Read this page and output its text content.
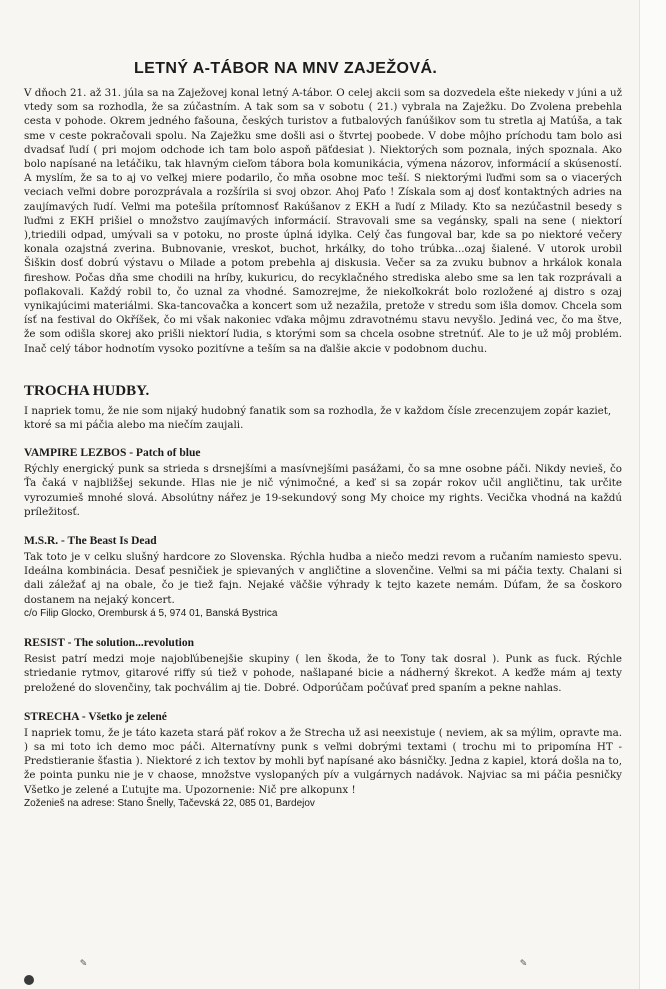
LETNÝ A-TÁBOR NA MNV ZAJEŽOVÁ.

V dňoch 21. až 31. júla sa na Zaježovej konal letný A-tábor. O celej akcii som sa dozvedela ešte niekedy v júni a už vtedy som sa rozhodla, že sa zúčastním. A tak som sa v sobotu ( 21.) vybrala na Zaježku. Do Zvolena prebehla cesta v pohode. Okrem jedného fašouna, českých turistov a futbalových fanúšikov som tu stretla aj Matúša, a tak sme v ceste pokračovali spolu. Na Zaježku sme došli asi o štvrtej poobede. V dobe môjho príchodu tam bolo asi dvadsať ľudí ( pri mojom odchode ich tam bolo aspoň päťdesiat ). Niektorých som poznala, iných spoznala. Ako bolo napísané na letáčiku, tak hlavným cieľom tábora bola komunikácia, výmena názorov, informácií a skúseností. A myslím, že sa to aj vo veľkej miere podarilo, čo mňa osobne moc teší. S niektorými ľuďmi som sa o viacerých veciach veľmi dobre porozprávala a rozšírila si svoj obzor. Ahoj Paťo ! Získala som aj dosť kontaktných adries na zaujímavých ľudí. Veľmi ma potešila prítomnosť Rakúšanov z EKH a ľudí z Milady. Kto sa nezúčastnil besedy s ľuďmi z EKH prišiel o množstvo zaujímavých informácií. Stravovali sme sa vegánsky, spali na sene ( niektorí ),triedili odpad, umývali sa v potoku, no proste úplná idylka. Celý čas fungoval bar, kde sa po niektoré večery konala ozajstná zverina. Bubnovanie, vreskot, buchot, hrkálky, do toho trúbka...ozaj šialené. V utorok urobil Šiškin dosť dobrú výstavu o Milade a potom prebehla aj diskusia. Večer sa za zvuku bubnov a hrkálok konala fireshow. Počas dňa sme chodili na hríby, kukuricu, do recyklačného strediska alebo sme sa len tak rozprávali a poflakovali. Každý robil to, čo uznal za vhodné. Samozrejme, že niekoľkokrát bolo rozložené aj distro s ozaj vynikajúcimi materiálmi. Ska-tancovačka a koncert som už nezažila, pretože v stredu som išla domov. Chcela som ísť na festival do Okříšek, čo mi však nakoniec vďaka môjmu zdravotnému stavu nevyšlo. Jediná vec, čo ma štve, že som odišla skorej ako prišli niektorí ľudia, s ktorými som sa chcela osobne stretnúť. Ale to je už môj problém. Inač celý tábor hodnotím vysoko pozitívne a teším sa na ďalšie akcie v podobnom duchu.

TROCHA HUDBY.

I napriek tomu, že nie som nijaký hudobný fanatik som sa rozhodla, že v každom čísle zrecenzujem zopár kaziet, ktoré sa mi páčia alebo ma niečím zaujali.

VAMPIRE LEZBOS - Patch of blue

Rýchly energický punk sa strieda s drsnejšími a masívnejšími pasážami, čo sa mne osobne páči. Nikdy nevieš, čo Ťa čaká v najbližšej sekunde. Hlas nie je nič výnimočné, a keď si sa zopár rokov učil angličtinu, tak určite vyrozumieš mnohé slová. Absolútny nářez je 19-sekundový song My choice my rights. Vecička vhodná na každú príležitosť.

M.S.R. - The Beast Is Dead

Tak toto je v celku slušný hardcore zo Slovenska. Rýchla hudba a niečo medzi revom a ručaním namiesto spevu. Ideálna kombinácia. Desať pesničiek je spievaných v angličtine a slovenčine. Veľmi sa mi páčia texty. Chalani si dali záležať aj na obale, čo je tiež fajn. Nejaké väčšie výhrady k tejto kazete nemám. Dúfam, že sa čoskoro dostanem na nejaký koncert.

c/o Filip Glocko, Orembursk á 5, 974 01, Banská Bystrica

RESIST - The solution...revolution

Resist patrí medzi moje najobľúbenejšie skupiny ( len škoda, že to Tony tak dosral ). Punk as fuck. Rýchle striedanie rytmov, gitarové riffy sú tiež v pohode, našlapané bicie a nádherný škrekot. A keďže mám aj texty preložené do slovenčiny, tak pochválim aj tie. Dobré. Odporúčam počúvať pred spaním a pekne nahlas.

STRECHA - Všetko je zelené

I napriek tomu, že je táto kazeta stará päť rokov a že Strecha už asi neexistuje ( neviem, ak sa mýlim, opravte ma. ) sa mi toto ich demo moc páči. Alternatívny punk s veľmi dobrými textami ( trochu mi to pripomína HT - Predstieranie šťastia ). Niektoré z ich textov by mohli byť napísané ako básničky. Jedna z kapiel, ktorá došla na to, že pointa punku nie je v chaose, množstve vyslopaných pív a vulgárnych nadávok. Najviac sa mi páčia pesničky Všetko je zelené a Ľutujte ma. Upozornenie: Nič pre alkopunx !

Zoženieš na adrese: Stano Šnelly, Tačevská 22, 085 01, Bardejov

✎	✎
